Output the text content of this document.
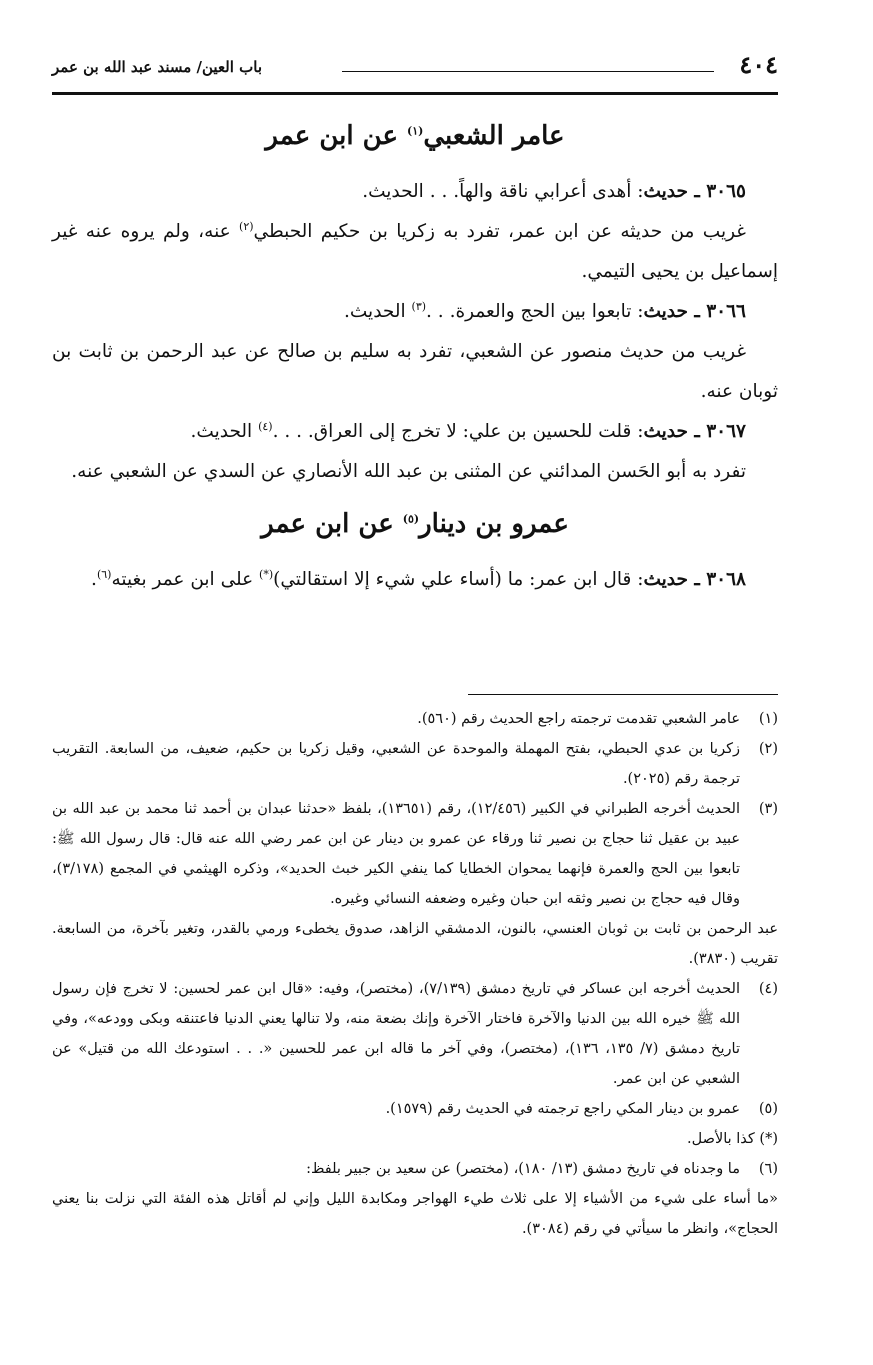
٤٠٤
باب العين/ مسند عبد الله بن عمر
عامر الشعبي$^{(١)}$ عن ابن عمر

٣٠٦٥ ـ حديث: أهدى أعرابي ناقة والهاً. . . الحديث.

غريب من حديثه عن ابن عمر، تفرد به زكريا بن حكيم الحبطي$^{(٢)}$ عنه، ولم يروه عنه غير إسماعيل بن يحيى التيمي.

٣٠٦٦ ـ حديث: تابعوا بين الحج والعمرة. . .$^{(٣)}$ الحديث.

غريب من حديث منصور عن الشعبي، تفرد به سليم بن صالح عن عبد الرحمن بن ثابت بن ثوبان عنه.

٣٠٦٧ ـ حديث: قلت للحسين بن علي: لا تخرج إلى العراق. . . .$^{(٤)}$ الحديث.

تفرد به أبو الحَسن المدائني عن المثنى بن عبد الله الأنصاري عن السدي عن الشعبي عنه.

عمرو بن دينار$^{(٥)}$ عن ابن عمر

٣٠٦٨ ـ حديث: قال ابن عمر: ما (أساء علي شيء إلا استقالتي)(*) على ابن عمر بغيته$^{(٦)}$.

(١)
عامر الشعبي تقدمت ترجمته راجع الحديث رقم (٥٦٠).

(٢)
زكريا بن عدي الحبطي، بفتح المهملة والموحدة عن الشعبي، وقيل زكريا بن حكيم، ضعيف، من السابعة. التقريب ترجمة رقم (٢٠٢٥).

(٣)
الحديث أخرجه الطبراني في الكبير (١٢/٤٥٦)، رقم (١٣٦٥١)، بلفظ «حدثنا عبدان بن أحمد ثنا محمد بن عبد الله بن عبيد بن عقيل ثنا حجاج بن نصير ثنا ورقاء عن عمرو بن دينار عن ابن عمر رضي الله عنه قال: قال رسول الله ﷺ: تابعوا بين الحج والعمرة فإنهما يمحوان الخطايا كما ينفي الكير خبث الحديد»، وذكره الهيثمي في المجمع (٣/١٧٨)، وقال فيه حجاج بن نصير وثقه ابن حبان وغيره وضعفه النسائي وغيره.

عبد الرحمن بن ثابت بن ثوبان العنسي، بالنون، الدمشقي الزاهد، صدوق يخطىء ورمي بالقدر، وتغير بآخرة، من السابعة. تقريب (٣٨٣٠).

(٤)
الحديث أخرجه ابن عساكر في تاريخ دمشق (٧/١٣٩)، (مختصر)، وفيه: «قال ابن عمر لحسين: لا تخرج فإن رسول الله ﷺ خيره الله بين الدنيا والآخرة فاختار الآخرة وإنك بضعة منه، ولا تنالها يعني الدنيا فاعتنقه وبكى وودعه»، وفي تاريخ دمشق (٧/ ١٣٥، ١٣٦)، (مختصر)، وفي آخر ما قاله ابن عمر للحسين «. . . استودعك الله من قتيل» عن الشعبي عن ابن عمر.

(٥)
عمرو بن دينار المكي راجع ترجمته في الحديث رقم (١٥٧٩).

(*) كذا بالأصل.

(٦)
ما وجدناه في تاريخ دمشق (١٣/ ١٨٠)، (مختصر) عن سعيد بن جبير بلفظ:

«ما أساء على شيء من الأشياء إلا على ثلاث طيء الهواجر ومكابدة الليل وإني لم أقاتل هذه الفئة التي نزلت بنا يعني الحجاج»، وانظر ما سيأتي في رقم (٣٠٨٤).
